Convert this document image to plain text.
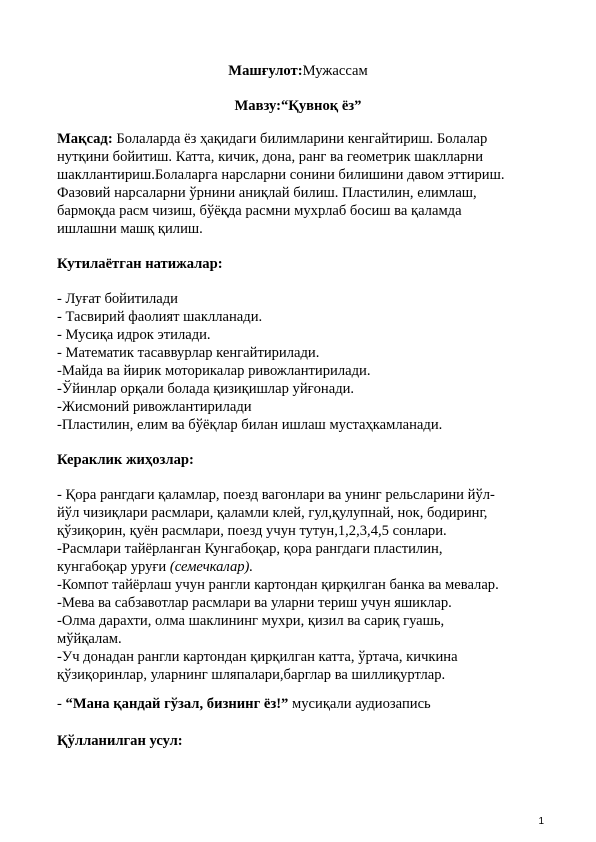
Машғулот:Мужассам
Мавзу:“Қувноқ ёз”
Мақсад: Болаларда ёз ҳақидаги билимларини кенгайтириш. Болалар
нутқини бойитиш. Катта, кичик, дона, ранг ва геометрик шаклларни
шакллантириш.Болаларга нарсларни сонини билишини давом эттириш.
Фазовий нарсаларни ўрнини аниқлай билиш. Пластилин, елимлаш,
бармоқда расм чизиш, бўёқда расмни мухрлаб босиш ва қаламда
ишлашни машқ қилиш.
Кутилаётган натижалар:
- Луғат бойитилади
- Тасвирий фаолият шаклланади.
- Мусиқа идрок этилади.
- Математик тасаввурлар кенгайтирилади.
-Майда ва йирик моторикалар ривожлантирилади.
-Ўйинлар орқали болада қизиқишлар уйғонади.
-Жисмоний ривожлантирилади
-Пластилин, елим ва бўёқлар билан ишлаш мустаҳкамланади.
Кераклик жиҳозлар:
- Қора рангдаги қаламлар, поезд вагонлари ва унинг рельсларини йўл-
йўл чизиқлари расмлари, қаламли клей, гул,қулупнай, нок, бодиринг,
қўзиқорин, қуён расмлари, поезд учун тутун,1,2,3,4,5 сонлари.
-Расмлари тайёрланган Кунгабоқар, қора рангдаги пластилин,
кунгабоқар уруғи (семечкалар).
-Компот тайёрлаш учун рангли картондан қирқилган банка ва мевалар.
-Мева ва сабзавотлар расмлари ва уларни териш учун яшиклар.
-Олма дарахти, олма шаклининг мухри, қизил ва сариқ гуашь,
мўйқалам.
-Уч донадан рангли картондан қирқилган катта, ўртача, кичкина
қўзиқоринлар, уларнинг шляпалари,барглар ва шиллиқуртлар.
- “Мана қандай гўзал, бизнинг ёз!” мусиқали аудиозапись
Қўлланилган усул:
1
